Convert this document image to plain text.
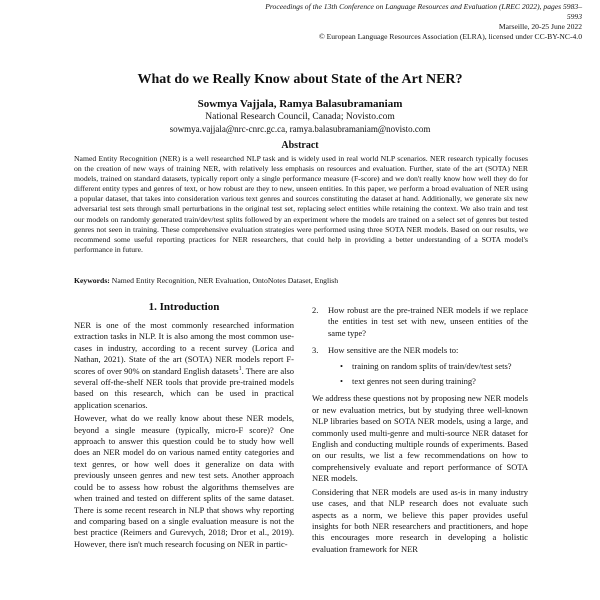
Proceedings of the 13th Conference on Language Resources and Evaluation (LREC 2022), pages 5983–5993
Marseille, 20-25 June 2022
© European Language Resources Association (ELRA), licensed under CC-BY-NC-4.0
What do we Really Know about State of the Art NER?
Sowmya Vajjala, Ramya Balasubramaniam
National Research Council, Canada; Novisto.com
sowmya.vajjala@nrc-cnrc.gc.ca, ramya.balasubramaniam@novisto.com
Abstract

Named Entity Recognition (NER) is a well researched NLP task and is widely used in real world NLP scenarios. NER research typically focuses on the creation of new ways of training NER, with relatively less emphasis on resources and evaluation. Further, state of the art (SOTA) NER models, trained on standard datasets, typically report only a single performance measure (F-score) and we don't really know how well they do for different entity types and genres of text, or how robust are they to new, unseen entities. In this paper, we perform a broad evaluation of NER using a popular dataset, that takes into consideration various text genres and sources constituting the dataset at hand. Additionally, we generate six new adversarial test sets through small perturbations in the original test set, replacing select entities while retaining the context. We also train and test our models on randomly generated train/dev/test splits followed by an experiment where the models are trained on a select set of genres but tested genres not seen in training. These comprehensive evaluation strategies were performed using three SOTA NER models. Based on our results, we recommend some useful reporting practices for NER researchers, that could help in providing a better understanding of a SOTA model's performance in future.

Keywords: Named Entity Recognition, NER Evaluation, OntoNotes Dataset, English
1. Introduction

NER is one of the most commonly researched information extraction tasks in NLP. It is also among the most common use-cases in industry, according to a recent survey (Lorica and Nathan, 2021). State of the art (SOTA) NER models report F-scores of over 90% on standard English datasets$^1$. There are also several off-the-shelf NER tools that provide pre-trained models based on this research, which can be used in practical application scenarios.

However, what do we really know about these NER models, beyond a single measure (typically, micro-F score)? One approach to answer this question could be to study how well does an NER model do on various named entity categories and text genres, or how well does it generalize on data with previously unseen genres and new test sets. Another approach could be to assess how robust the algorithms themselves are when trained and tested on different splits of the same dataset. There is some recent research in NLP that shows why reporting and comparing based on a single evaluation measure is not the best practice (Reimers and Gurevych, 2018; Dror et al., 2019). However, there isn't much research focusing on NER in partic-

2. How robust are the pre-trained NER models if we replace the entities in test set with new, unseen entities of the same type?
3. How sensitive are the NER models to:
• training on random splits of train/dev/test sets?
• text genres not seen during training?

We address these questions not by proposing new NER models or new evaluation metrics, but by studying three well-known NLP libraries based on SOTA NER models, using a large, and commonly used multi-genre and multi-source NER dataset for English and conducting multiple rounds of experiments. Based on our results, we list a few recommendations on how to comprehensively evaluate and report performance of SOTA NER models.

Considering that NER models are used as-is in many industry use cases, and that NLP research does not evaluate such aspects as a norm, we believe this paper provides useful insights for both NER researchers and practitioners, and hope this encourages more research in developing a holistic evaluation framework for NER
